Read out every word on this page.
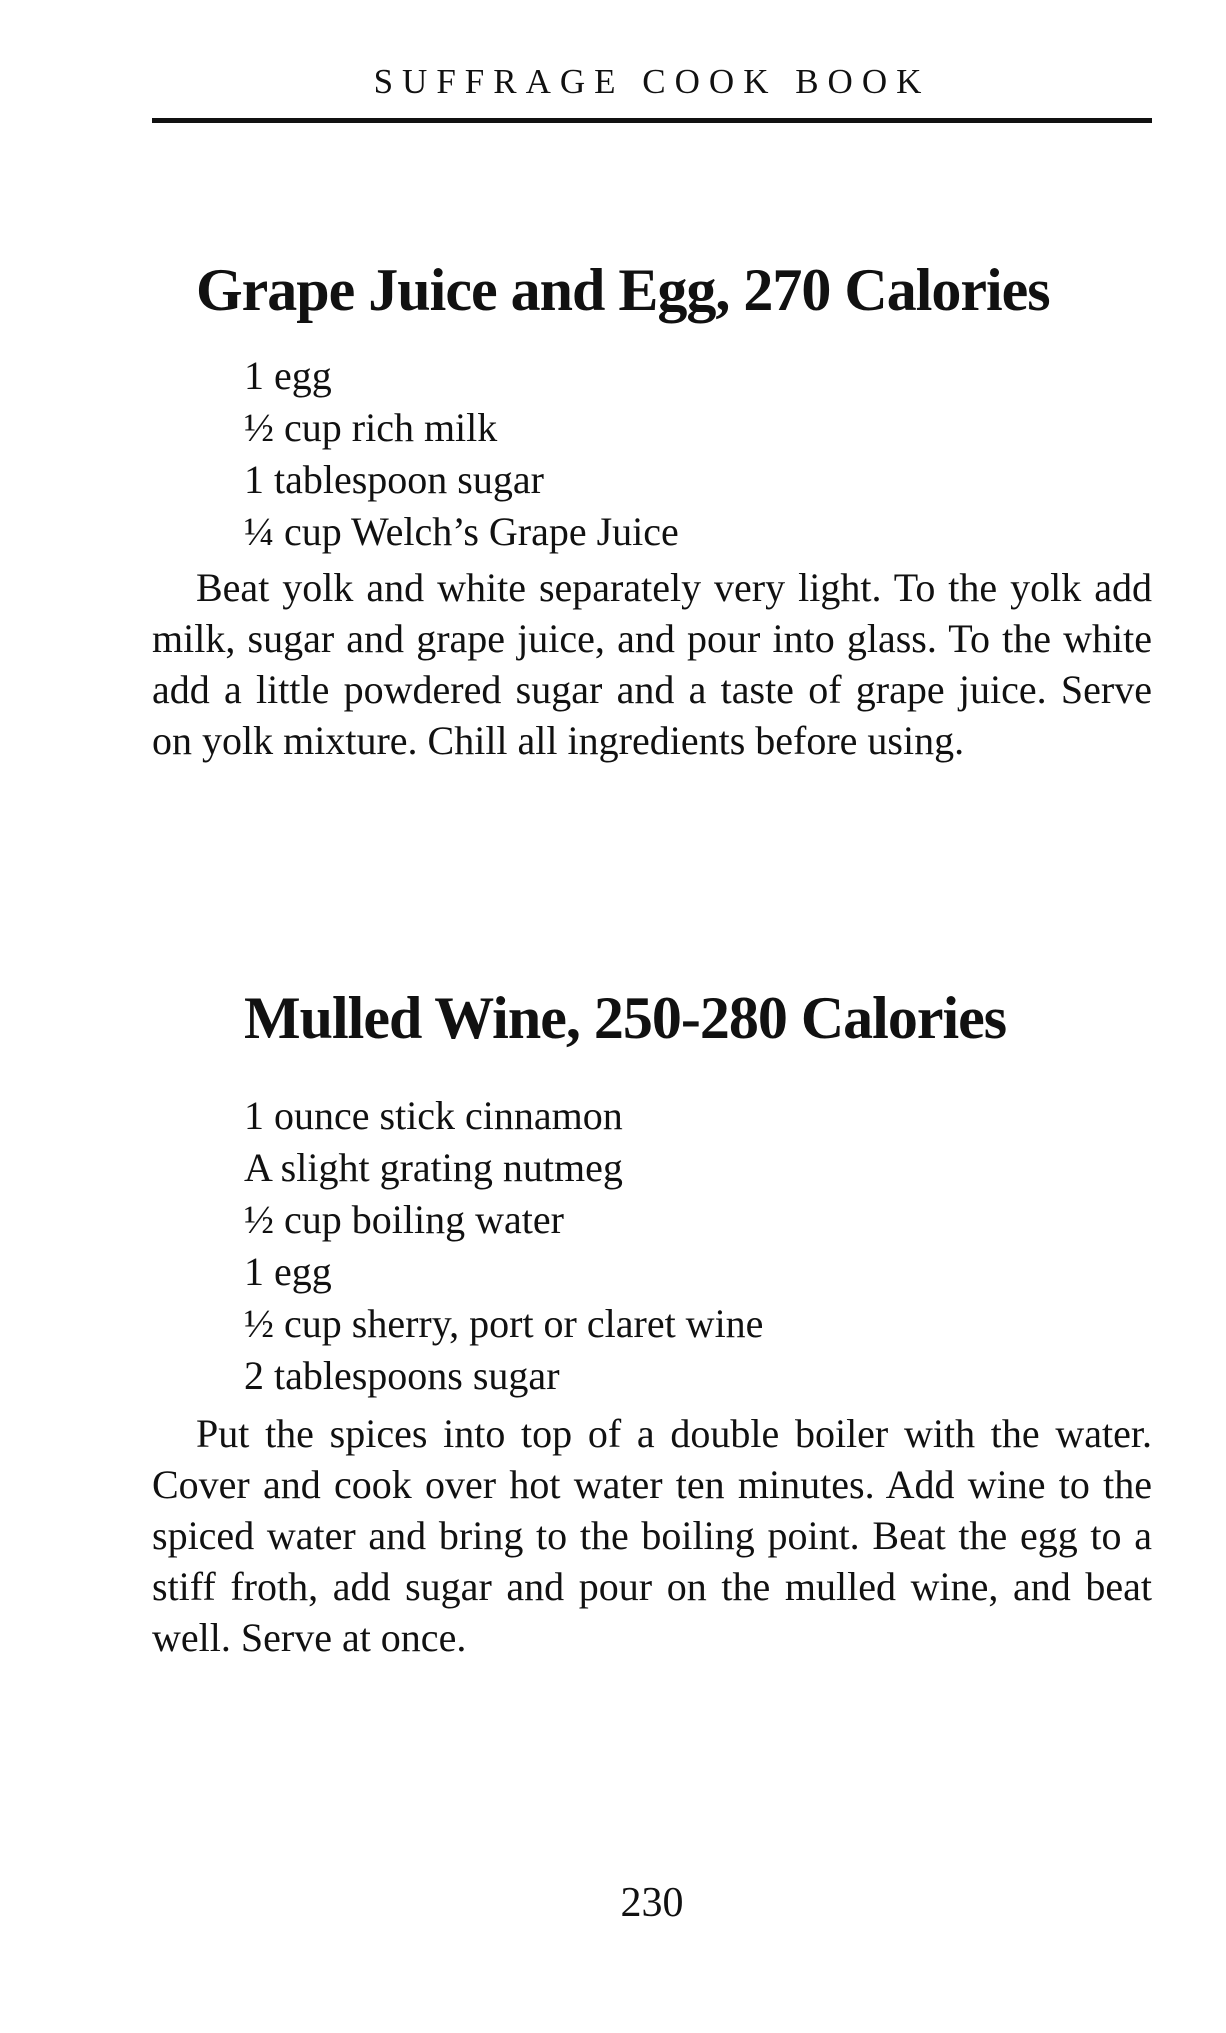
SUFFRAGE COOK BOOK
Grape Juice and Egg, 270 Calories
1 egg
½ cup rich milk
1 tablespoon sugar
¼ cup Welch’s Grape Juice

Beat yolk and white separately very light. To the yolk add milk, sugar and grape juice, and pour into glass. To the white add a little powdered sugar and a taste of grape juice. Serve on yolk mixture. Chill all ingredients before using.

Mulled Wine, 250-280 Calories
1 ounce stick cinnamon
A slight grating nutmeg
½ cup boiling water
1 egg
½ cup sherry, port or claret wine
2 tablespoons sugar

Put the spices into top of a double boiler with the water. Cover and cook over hot water ten minutes. Add wine to the spiced water and bring to the boiling point. Beat the egg to a stiff froth, add sugar and pour on the mulled wine, and beat well. Serve at once.

230
